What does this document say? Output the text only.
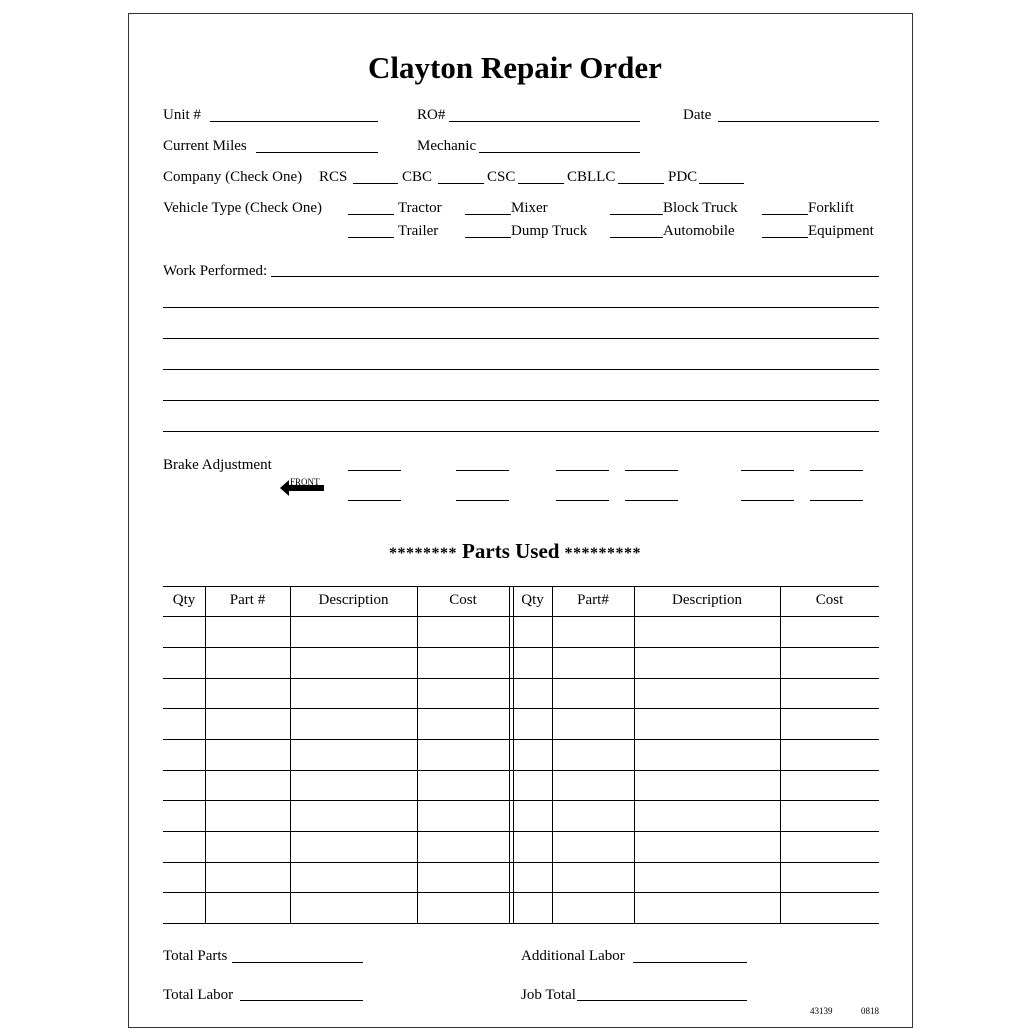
Clayton Repair Order
Unit #	RO#	Date
Current Miles	Mechanic
Company (Check One) RCS	CBC	CSC	CBLLC	PDC
Vehicle Type (Check One)	Tractor	Mixer	Block Truck	Forklift
Trailer	Dump Truck	Automobile	Equipment
Work Performed:
Brake Adjustment
FRONT
******** Parts Used *********
Qty	Part #	Description	Cost	Qty	Part#	Description	Cost
Total Parts	Additional Labor
Total Labor	Job Total
43139	0818
